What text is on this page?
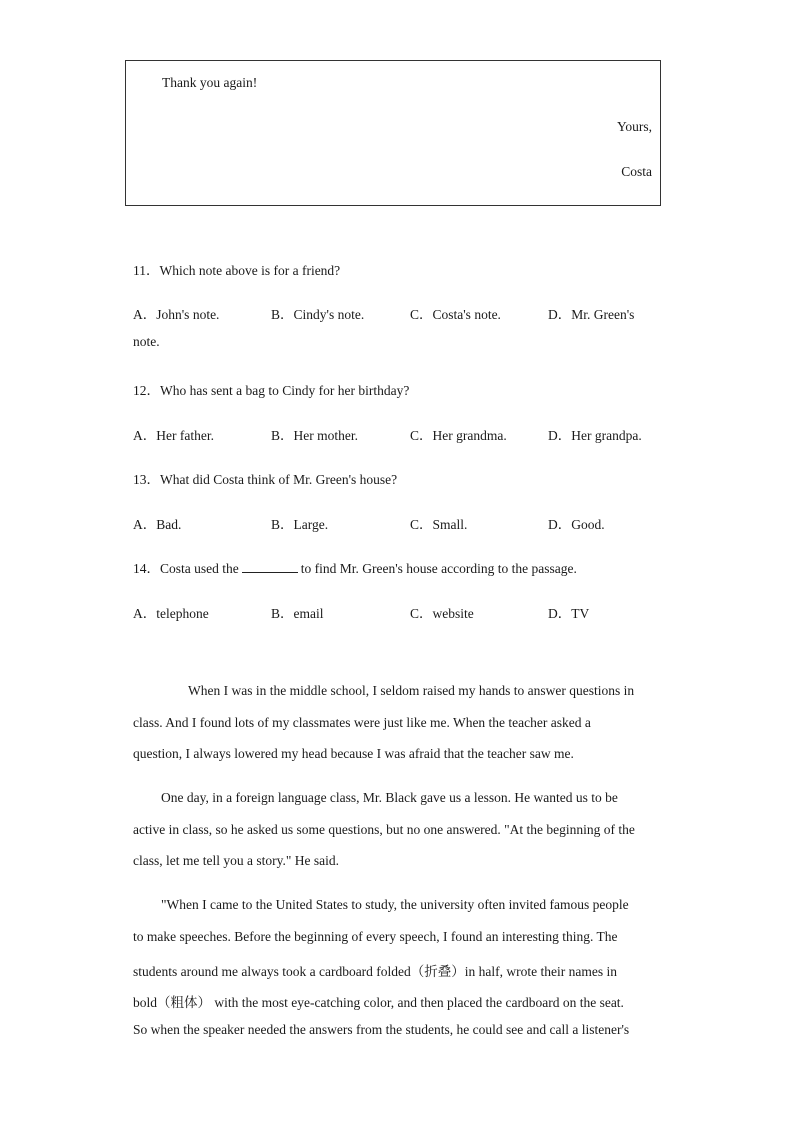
Thank you again!
Yours,
Costa
11．Which note above is for a friend?
A．John's note.	B．Cindy's note.	C．Costa's note.	D．Mr. Green's
note.
12．Who has sent a bag to Cindy for her birthday?
A．Her father.	B．Her mother.	C．Her grandma.	D．Her grandpa.
13．What did Costa think of Mr. Green's house?
A．Bad.	B．Large.	C．Small.	D．Good.
14．Costa used the	to find Mr. Green's house according to the passage.
A．telephone	B．email	C．website	D．TV
When I was in the middle school, I seldom raised my hands to answer questions in
class. And I found lots of my classmates were just like me. When the teacher asked a
question, I always lowered my head because I was afraid that the teacher saw me.
One day, in a foreign language class, Mr. Black gave us a lesson. He wanted us to be
active in class, so he asked us some questions, but no one answered. "At the beginning of the
class, let me tell you a story." He said.
"When I came to the United States to study, the university often invited famous people
to make speeches. Before the beginning of every speech, I found an interesting thing. The
students around me always took a cardboard folded（折叠）in half, wrote their names in
bold（粗体） with the most eye-catching color, and then placed the cardboard on the seat.
So when the speaker needed the answers from the students, he could see and call a listener's
